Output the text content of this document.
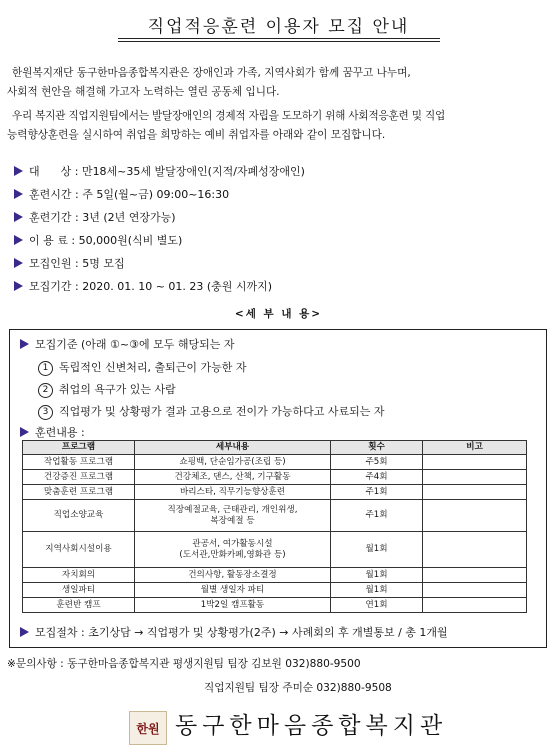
직업적응훈련 이용자 모집 안내
한원복지재단 동구한마음종합복지관은 장애인과 가족, 지역사회가 함께 꿈꾸고 나누며,
사회적 현안을 해결해 가고자 노력하는 열린 공동체 입니다.
우리 복지관 직업지원팀에서는 발달장애인의 경제적 자립을 도모하기 위해 사회적응훈련 및 직업
능력향상훈련을 실시하여 취업을 희망하는 예비 취업자를 아래와 같이 모집합니다.
대      상 : 만18세~35세 발달장애인(지적/자폐성장애인)
훈련시간 : 주 5일(월~금) 09:00~16:30
훈련기간 : 3년 (2년 연장가능)
이 용 료 : 50,000원(식비 별도)
모집인원 : 5명 모집
모집기간 : 2020. 01. 10 ~ 01. 23 (충원 시까지)
<세 부 내 용>
모집기준 (아래 ①~③에 모두 해당되는 자
1 독립적인 신변처리, 출퇴근이 가능한 자
2 취업의 욕구가 있는 사람
3 직업평가 및 상황평가 결과 고용으로 전이가 가능하다고 사료되는 자
훈련내용 :
모집절차 : 초기상담 → 직업평가 및 상황평가(2주) → 사례회의 후 개별통보 / 총 1개월
프로그램	세부내용	횟수	비고
작업활동 프로그램	쇼핑백, 단순임가공(조립 등)	주5회	
건강증진 프로그램	건강체조, 댄스, 산책, 기구활동	주4회	
맞춤훈련 프로그램	바리스타, 직무기능향상훈련	주1회	
직업소양교육	직장예절교육, 근태관리, 개인위생,
복장예절 등	주1회	
지역사회시설이용	관공서, 여가활동시설
(도서관,만화카페,영화관 등)	월1회	
자치회의	건의사항, 활동장소결정	월1회	
생일파티	월별 생일자 파티	월1회	
훈련반 캠프	1박2일 캠프활동	연1회	
※문의사항 : 동구한마음종합복지관 평생지원팀 팀장 김보원 032)880-9500
직업지원팀 팀장 주미순 032)880-9508
한원 동구한마음종합복지관
